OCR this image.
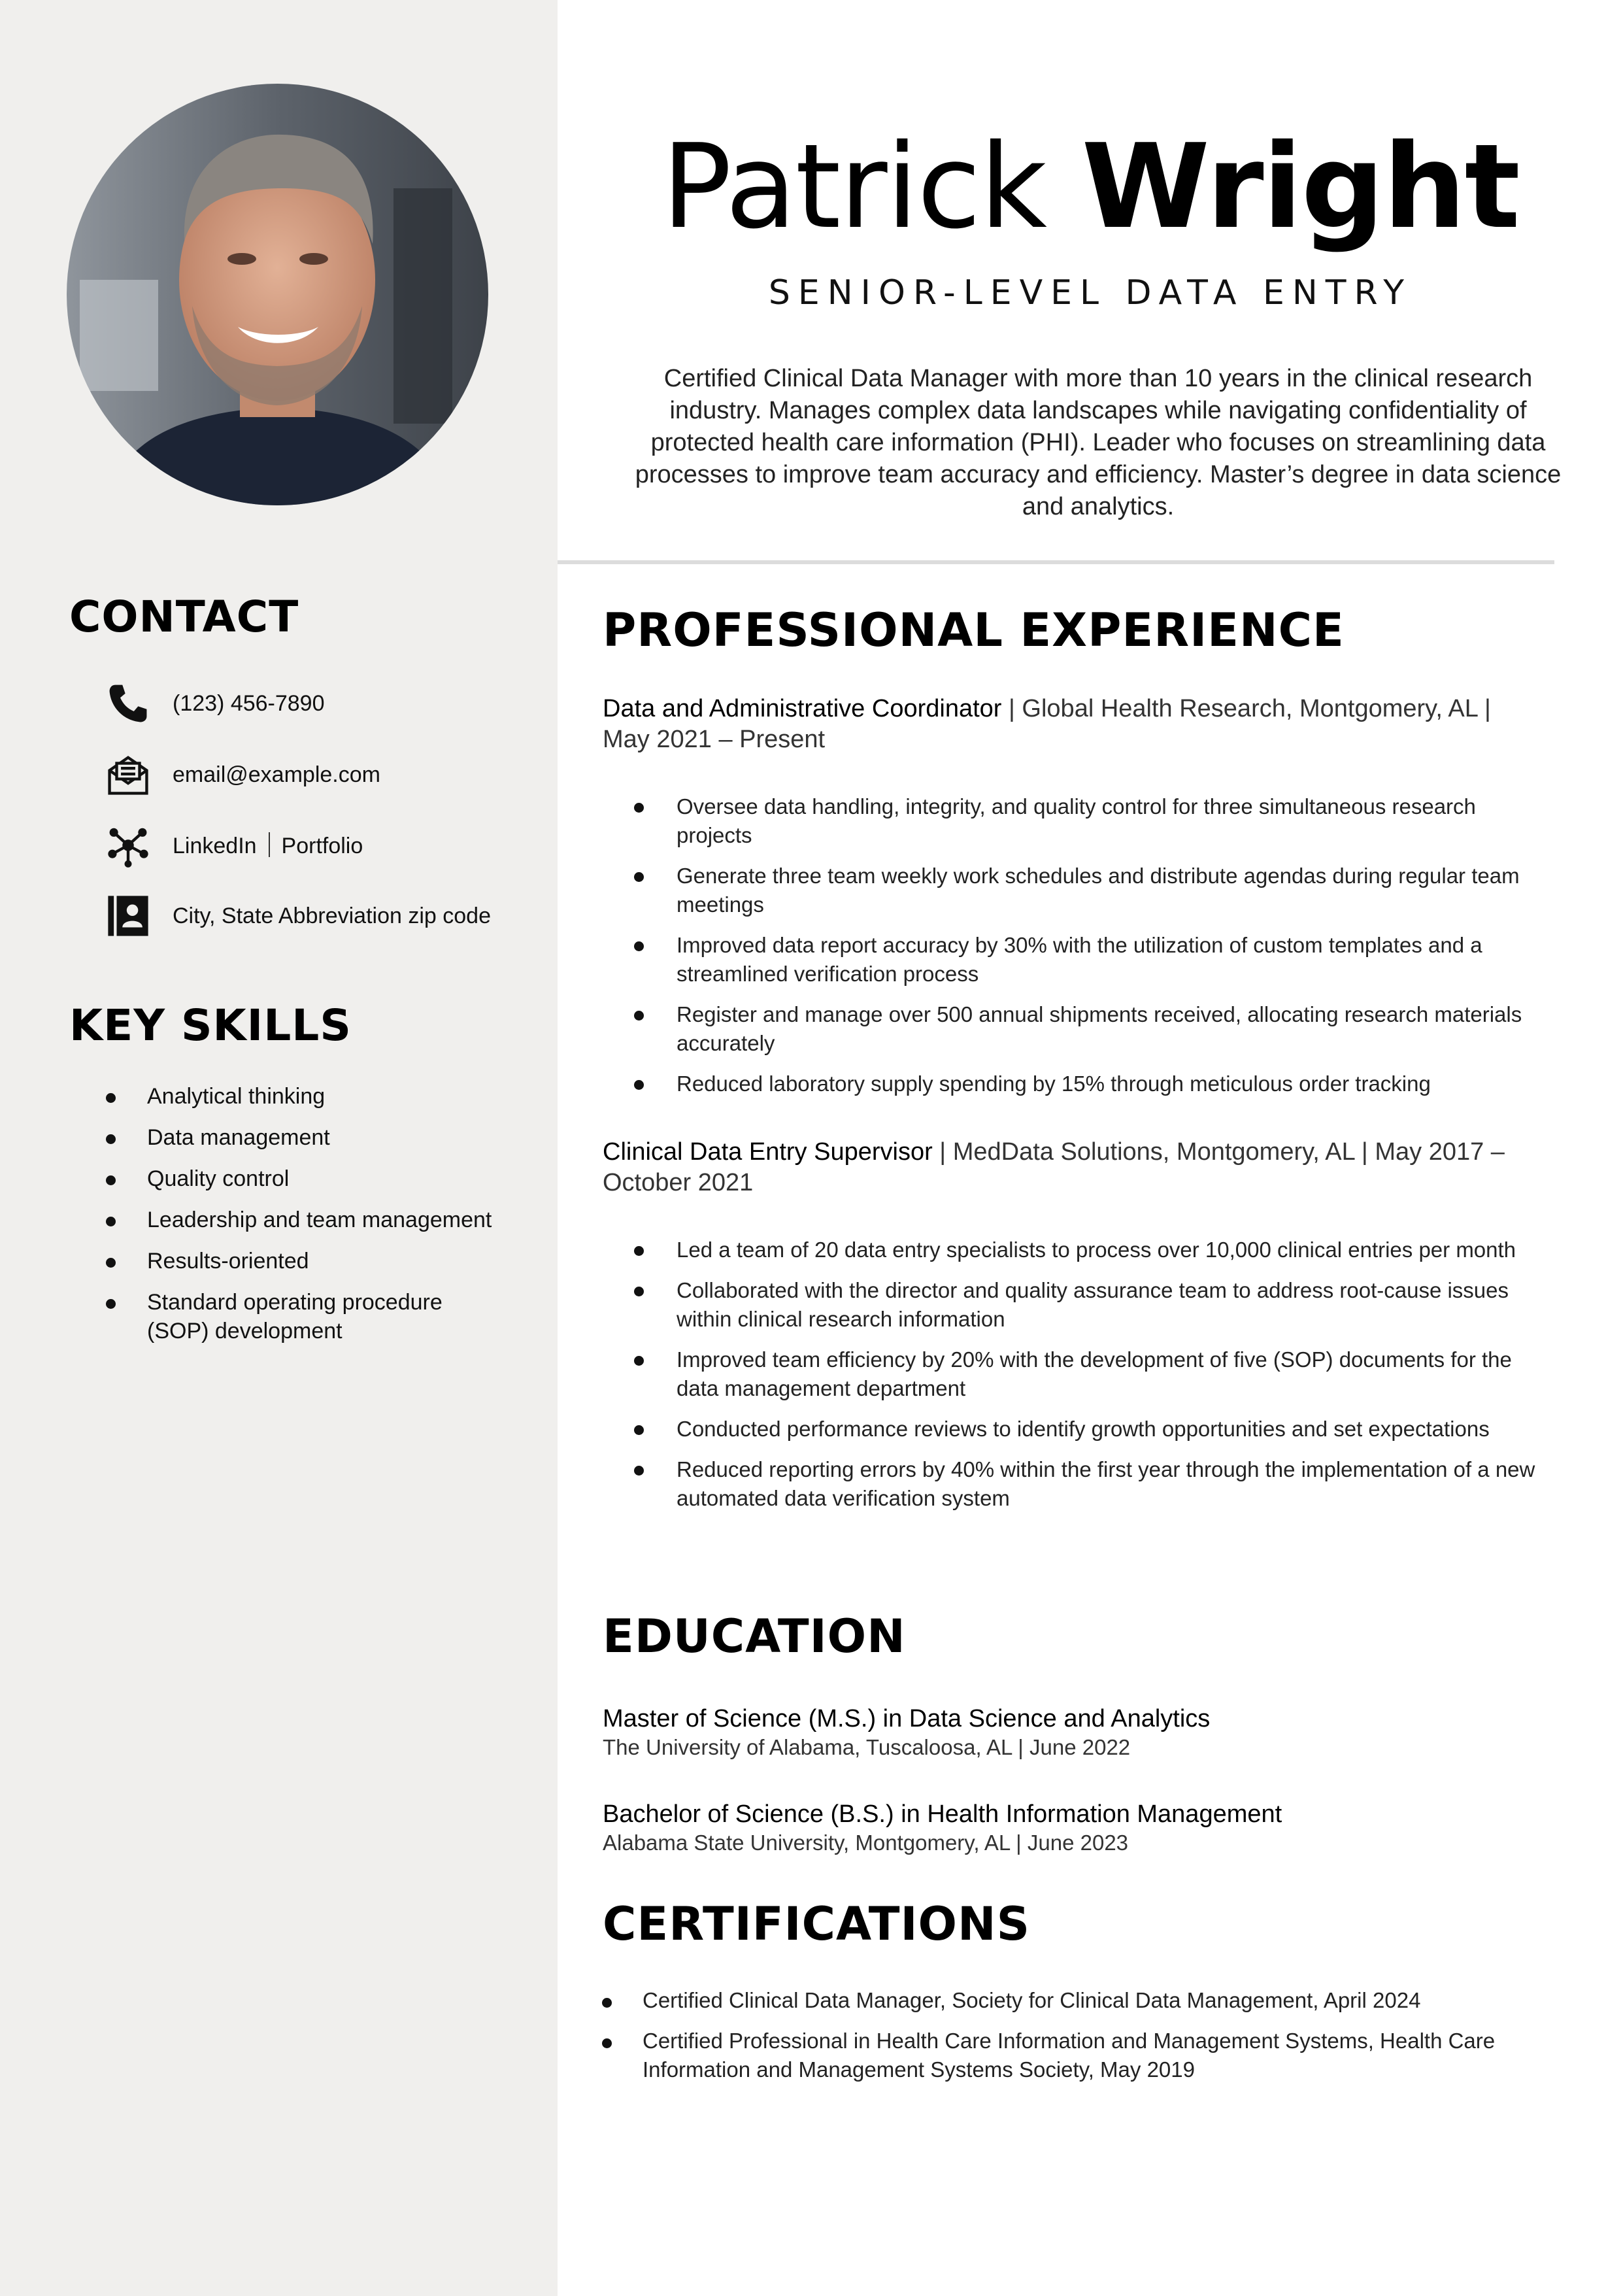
CONTACT
(123) 456-7890
email@example.com
LinkedIn Portfolio
City, State Abbreviation zip code
KEY SKILLS
Analytical thinking
Data management
Quality control
Leadership and team management
Results-oriented
Standard operating procedure (SOP) development
Patrick Wright
SENIOR-LEVEL DATA ENTRY
Certified Clinical Data Manager with more than 10 years in the clinical research industry. Manages complex data landscapes while navigating confidentiality of protected health care information (PHI). Leader who focuses on streamlining data processes to improve team accuracy and efficiency. Master’s degree in data science and analytics.
PROFESSIONAL EXPERIENCE
Data and Administrative Coordinator | Global Health Research, Montgomery, AL | May 2021 – Present
Oversee data handling, integrity, and quality control for three simultaneous research projects
Generate three team weekly work schedules and distribute agendas during regular team meetings
Improved data report accuracy by 30% with the utilization of custom templates and a streamlined verification process
Register and manage over 500 annual shipments received, allocating research materials accurately
Reduced laboratory supply spending by 15% through meticulous order tracking
Clinical Data Entry Supervisor | MedData Solutions, Montgomery, AL | May 2017 – October 2021
Led a team of 20 data entry specialists to process over 10,000 clinical entries per month
Collaborated with the director and quality assurance team to address root-cause issues within clinical research information
Improved team efficiency by 20% with the development of five (SOP) documents for the data management department
Conducted performance reviews to identify growth opportunities and set expectations
Reduced reporting errors by 40% within the first year through the implementation of a new automated data verification system
EDUCATION
Master of Science (M.S.) in Data Science and Analytics
The University of Alabama, Tuscaloosa, AL | June 2022
Bachelor of Science (B.S.) in Health Information Management
Alabama State University, Montgomery, AL | June 2023
CERTIFICATIONS
Certified Clinical Data Manager, Society for Clinical Data Management, April 2024
Certified Professional in Health Care Information and Management Systems, Health Care Information and Management Systems Society, May 2019
